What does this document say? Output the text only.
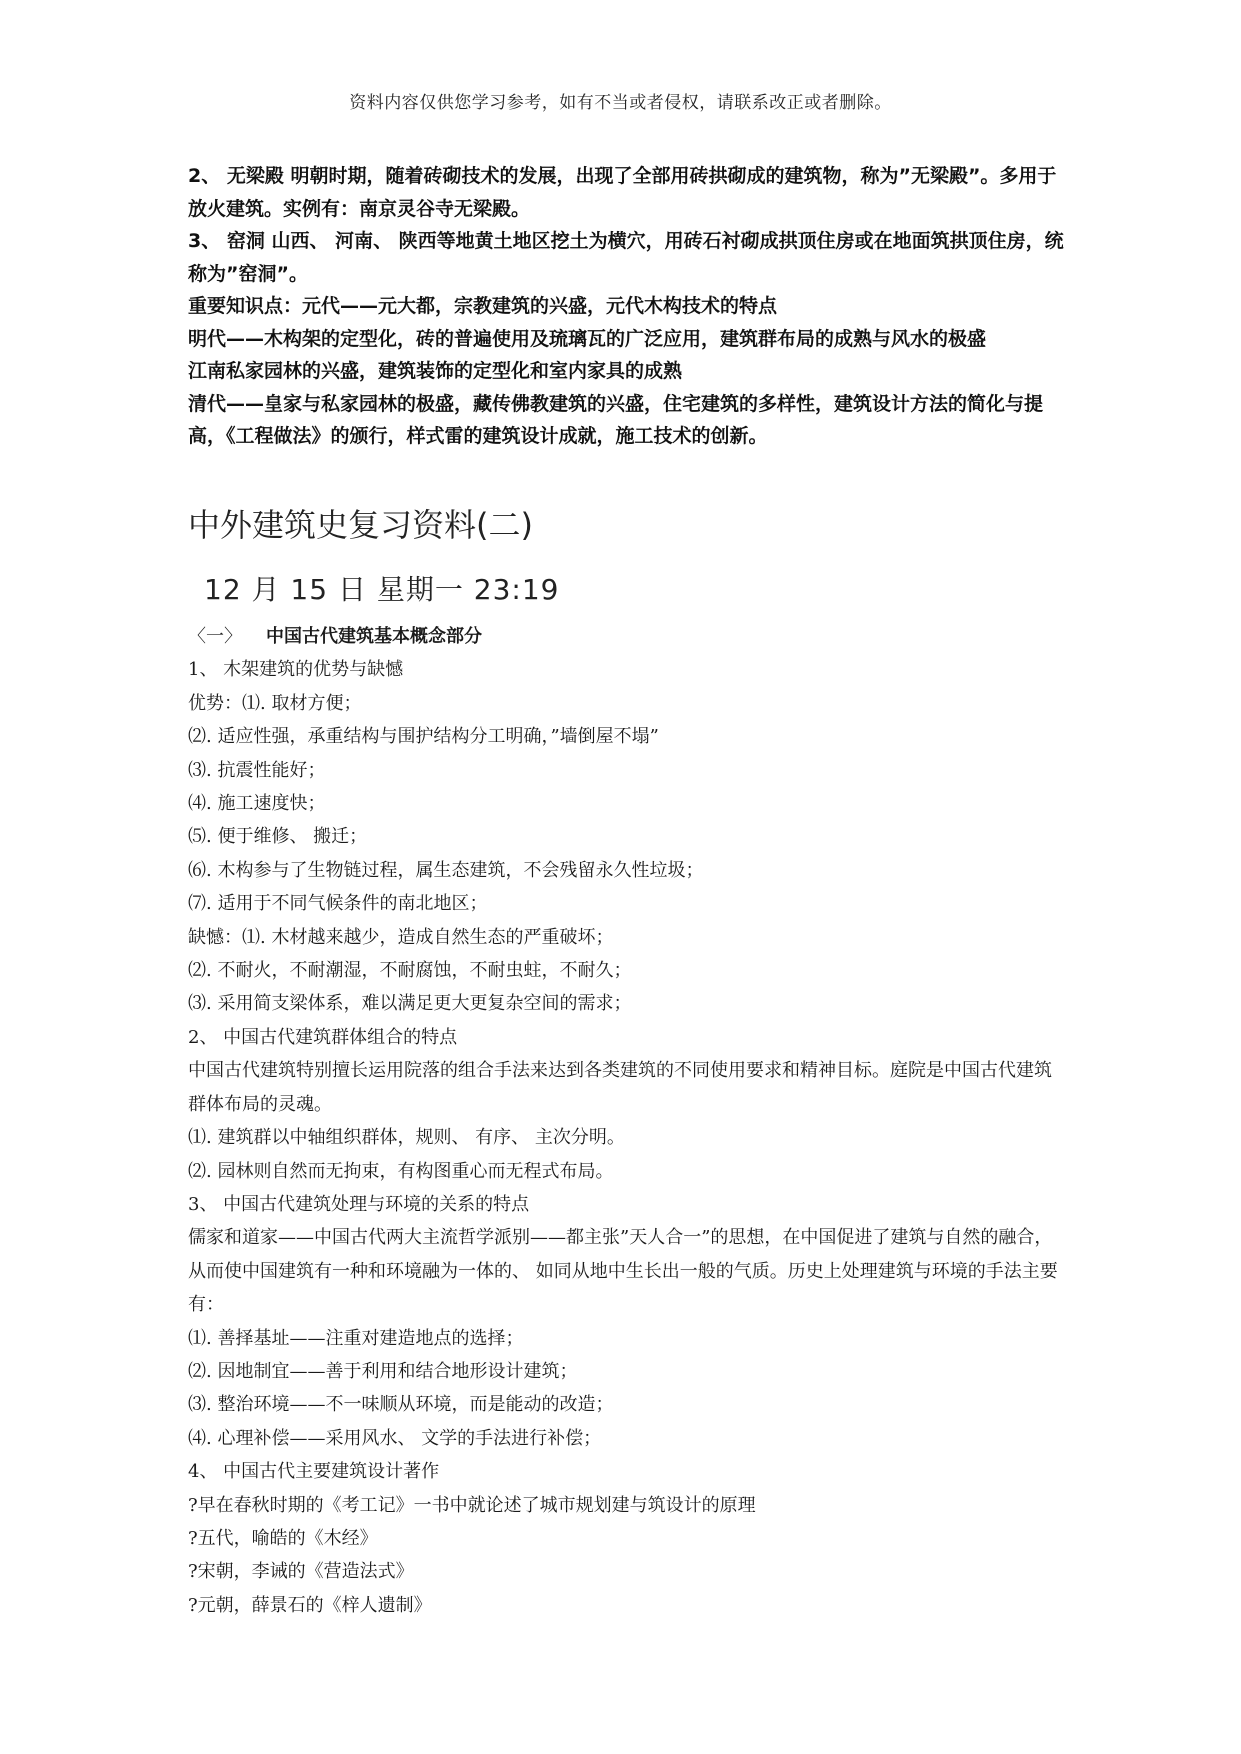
资料内容仅供您学习参考，如有不当或者侵权，请联系改正或者删除。

2、 无梁殿 明朝时期，随着砖砌技术的发展，出现了全部用砖拱砌成的建筑物，称为”无梁殿”。多用于放火建筑。实例有：南京灵谷寺无梁殿。

3、 窑洞 山西、 河南、 陕西等地黄土地区挖土为横穴，用砖石衬砌成拱顶住房或在地面筑拱顶住房，统称为”窑洞”。

重要知识点：元代——元大都，宗教建筑的兴盛，元代木构技术的特点

明代——木构架的定型化，砖的普遍使用及琉璃瓦的广泛应用，建筑群布局的成熟与风水的极盛

江南私家园林的兴盛，建筑装饰的定型化和室内家具的成熟

清代——皇家与私家园林的极盛，藏传佛教建筑的兴盛，住宅建筑的多样性，建筑设计方法的简化与提高，《工程做法》的颁行，样式雷的建筑设计成就，施工技术的创新。

中外建筑史复习资料(二)
12 月 15 日 星期一 23:19

〈一〉 中国古代建筑基本概念部分

1、 木架建筑的优势与缺憾

优势：⑴. 取材方便；

⑵. 适应性强，承重结构与围护结构分工明确，”墙倒屋不塌”

⑶. 抗震性能好；

⑷. 施工速度快；

⑸. 便于维修、 搬迁；

⑹. 木构参与了生物链过程，属生态建筑，不会残留永久性垃圾；

⑺. 适用于不同气候条件的南北地区；

缺憾：⑴. 木材越来越少，造成自然生态的严重破坏；

⑵. 不耐火，不耐潮湿，不耐腐蚀，不耐虫蛀，不耐久；

⑶. 采用简支梁体系，难以满足更大更复杂空间的需求；

2、 中国古代建筑群体组合的特点

中国古代建筑特别擅长运用院落的组合手法来达到各类建筑的不同使用要求和精神目标。庭院是中国古代建筑群体布局的灵魂。

⑴. 建筑群以中轴组织群体，规则、 有序、 主次分明。

⑵. 园林则自然而无拘束，有构图重心而无程式布局。

3、 中国古代建筑处理与环境的关系的特点

儒家和道家——中国古代两大主流哲学派别——都主张”天人合一”的思想，在中国促进了建筑与自然的融合，从而使中国建筑有一种和环境融为一体的、 如同从地中生长出一般的气质。历史上处理建筑与环境的手法主要有：

⑴. 善择基址——注重对建造地点的选择；

⑵. 因地制宜——善于利用和结合地形设计建筑；

⑶. 整治环境——不一味顺从环境，而是能动的改造；

⑷. 心理补偿——采用风水、 文学的手法进行补偿；

4、 中国古代主要建筑设计著作

?早在春秋时期的《考工记》一书中就论述了城市规划建与筑设计的原理

?五代，喻皓的《木经》

?宋朝，李诫的《营造法式》

?元朝，薛景石的《梓人遗制》
